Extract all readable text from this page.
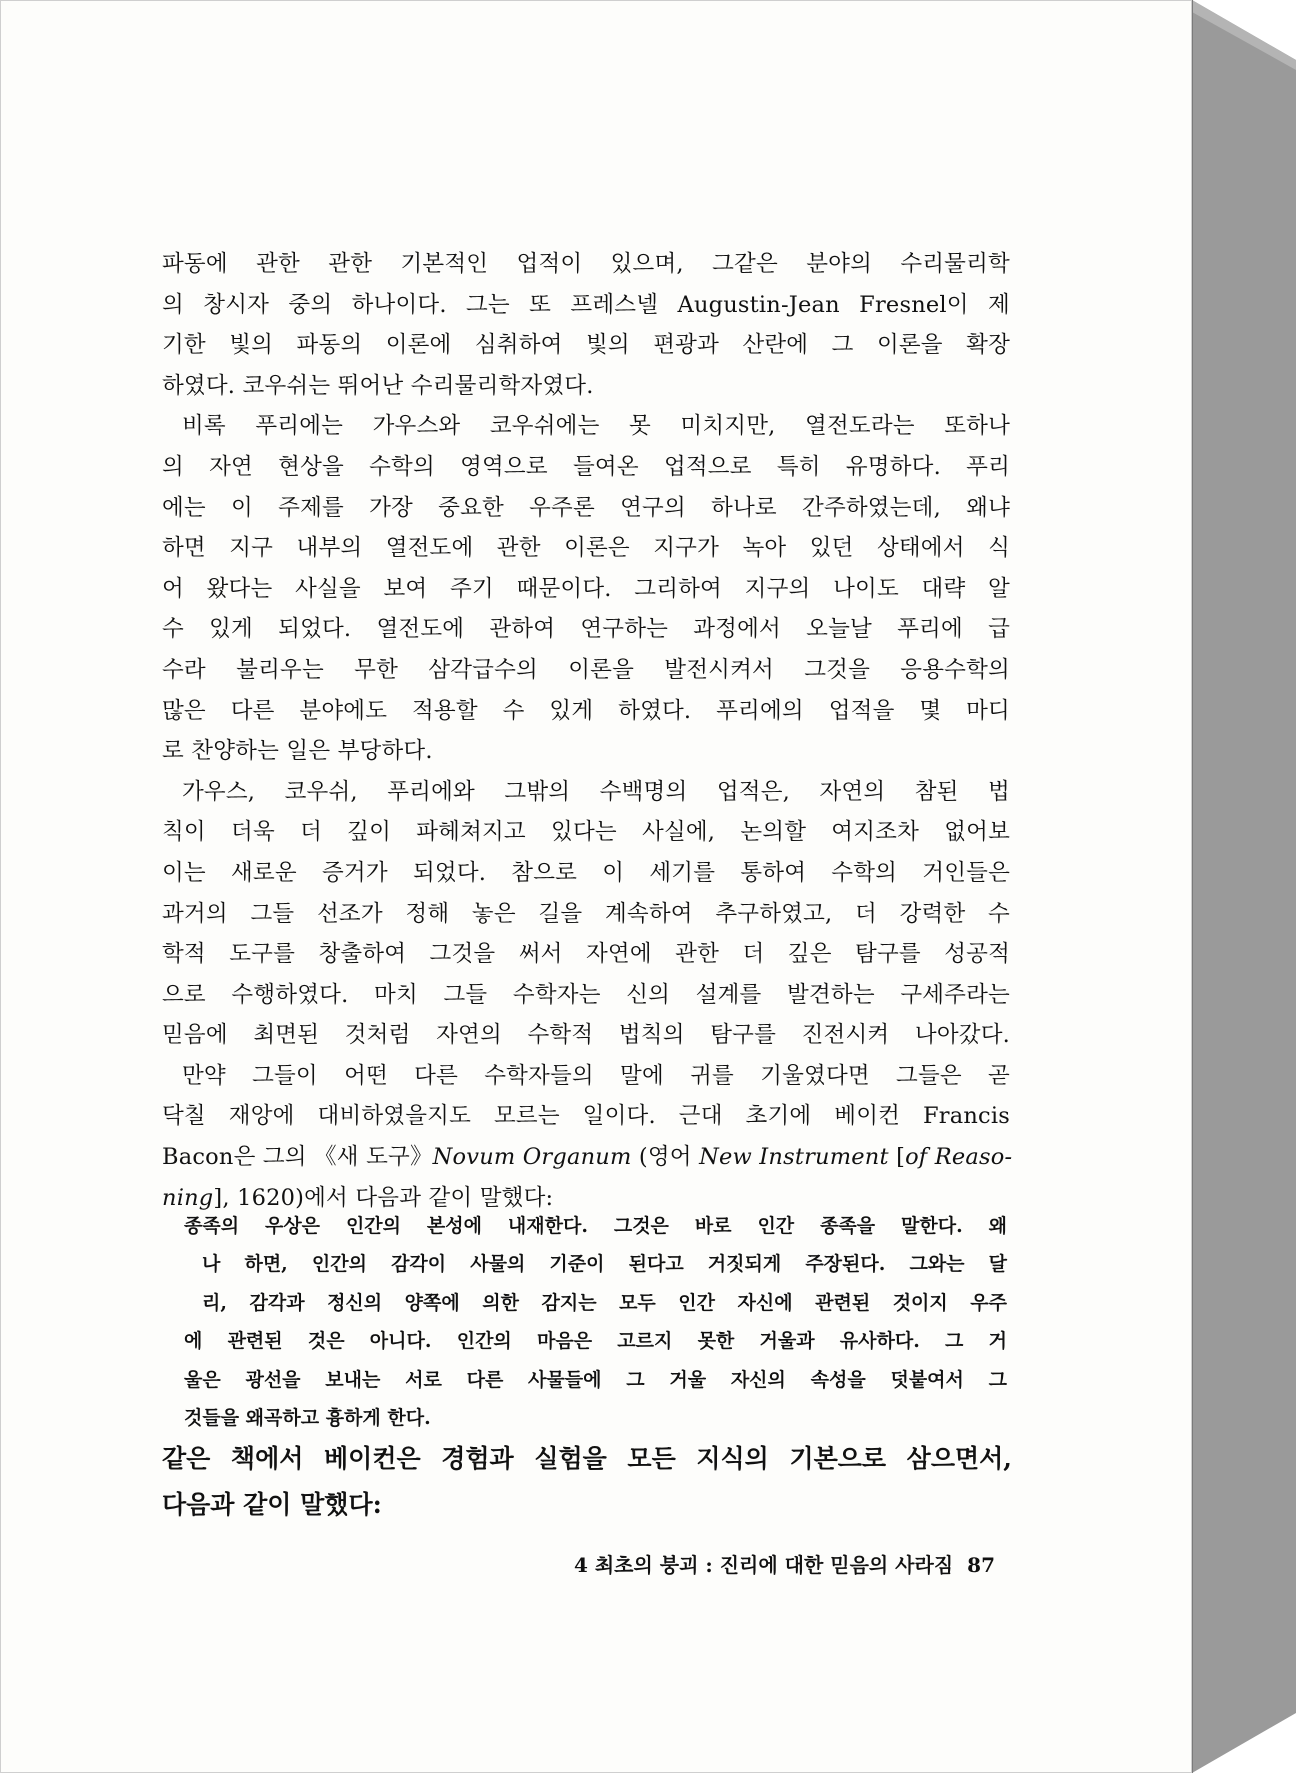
파동에 관한 관한 기본적인 업적이 있으며, 그같은 분야의 수리물리학
의 창시자 중의 하나이다. 그는 또 프레스넬 Augustin-Jean Fresnel이 제
기한 빛의 파동의 이론에 심취하여 빛의 편광과 산란에 그 이론을 확장
하였다. 코우쉬는 뛰어난 수리물리학자였다.
비록 푸리에는 가우스와 코우쉬에는 못 미치지만, 열전도라는 또하나
의 자연 현상을 수학의 영역으로 들여온 업적으로 특히 유명하다. 푸리
에는 이 주제를 가장 중요한 우주론 연구의 하나로 간주하였는데, 왜냐
하면 지구 내부의 열전도에 관한 이론은 지구가 녹아 있던 상태에서 식
어 왔다는 사실을 보여 주기 때문이다. 그리하여 지구의 나이도 대략 알
수 있게 되었다. 열전도에 관하여 연구하는 과정에서 오늘날 푸리에 급
수라 불리우는 무한 삼각급수의 이론을 발전시켜서 그것을 응용수학의
많은 다른 분야에도 적용할 수 있게 하였다. 푸리에의 업적을 몇 마디
로 찬양하는 일은 부당하다.
가우스, 코우쉬, 푸리에와 그밖의 수백명의 업적은, 자연의 참된 법
칙이 더욱 더 깊이 파헤쳐지고 있다는 사실에, 논의할 여지조차 없어보
이는 새로운 증거가 되었다. 참으로 이 세기를 통하여 수학의 거인들은
과거의 그들 선조가 정해 놓은 길을 계속하여 추구하였고, 더 강력한 수
학적 도구를 창출하여 그것을 써서 자연에 관한 더 깊은 탐구를 성공적
으로 수행하였다. 마치 그들 수학자는 신의 설계를 발견하는 구세주라는
믿음에 최면된 것처럼 자연의 수학적 법칙의 탐구를 진전시켜 나아갔다.
만약 그들이 어떤 다른 수학자들의 말에 귀를 기울였다면 그들은 곧
닥칠 재앙에 대비하였을지도 모르는 일이다. 근대 초기에 베이컨 Francis
Bacon은 그의 《새 도구》Novum Organum (영어 New Instrument [of Reaso-
ning], 1620)에서 다음과 같이 말했다:
종족의 우상은 인간의 본성에 내재한다. 그것은 바로 인간 종족을 말한다. 왜
나 하면, 인간의 감각이 사물의 기준이 된다고 거짓되게 주장된다. 그와는 달
리, 감각과 정신의 양쪽에 의한 감지는 모두 인간 자신에 관련된 것이지 우주
에 관련된 것은 아니다. 인간의 마음은 고르지 못한 거울과 유사하다. 그 거
울은 광선을 보내는 서로 다른 사물들에 그 거울 자신의 속성을 덧붙여서 그
것들을 왜곡하고 흉하게 한다.
같은 책에서 베이컨은 경험과 실험을 모든 지식의 기본으로 삼으면서,
다음과 같이 말했다:
4 최초의 붕괴 : 진리에 대한 믿음의 사라짐 87
